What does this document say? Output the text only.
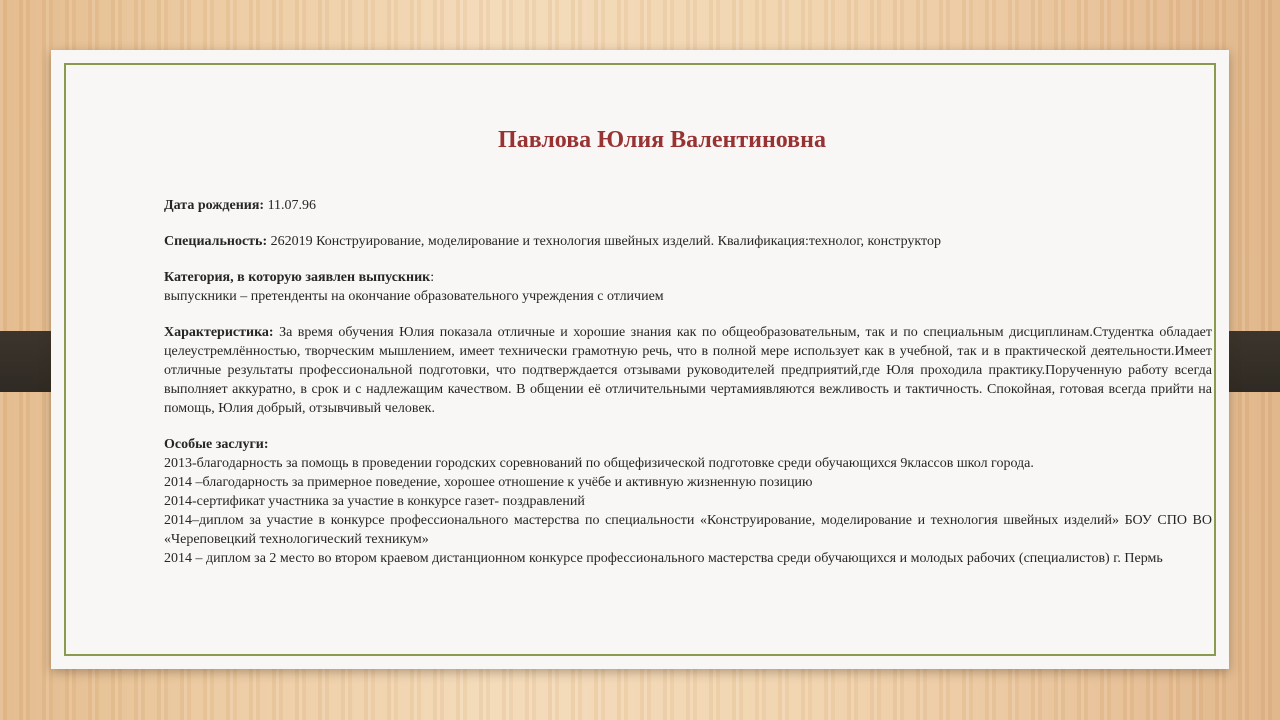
Павлова Юлия Валентиновна

Дата рождения: 11.07.96

Специальность: 262019 Конструирование, моделирование и технология швейных изделий. Квалификация:технолог, конструктор

Категория, в которую заявлен выпускник:

выпускники – претенденты на окончание образовательного учреждения с отличием

Характеристика: За время обучения Юлия показала отличные и хорошие знания как по общеобразовательным, так и по специальным дисциплинам.Студентка обладает целеустремлённостью, творческим мышлением, имеет технически грамотную речь, что в полной мере использует как в учебной, так и в практической деятельности.Имеет отличные результаты профессиональной подготовки, что подтверждается отзывами руководителей предприятий,где Юля проходила практику.Порученную работу всегда выполняет аккуратно, в срок и с надлежащим качеством. В общении её отличительными чертамиявляются вежливость и тактичность. Спокойная, готовая всегда прийти на помощь, Юлия добрый, отзывчивый человек.

Особые заслуги:

2013-благодарность за помощь в проведении городских соревнований по общефизической подготовке среди обучающихся 9классов школ города.

2014 –благодарность за примерное поведение, хорошее отношение к учёбе и активную жизненную позицию

2014-сертификат участника за участие в конкурсе газет- поздравлений

2014–диплом за участие в конкурсе профессионального мастерства по специальности «Конструирование, моделирование и технология швейных изделий» БОУ СПО ВО «Череповецкий технологический техникум»

2014 – диплом за 2 место во втором краевом дистанционном конкурсе профессионального мастерства среди обучающихся и молодых рабочих (специалистов) г. Пермь
